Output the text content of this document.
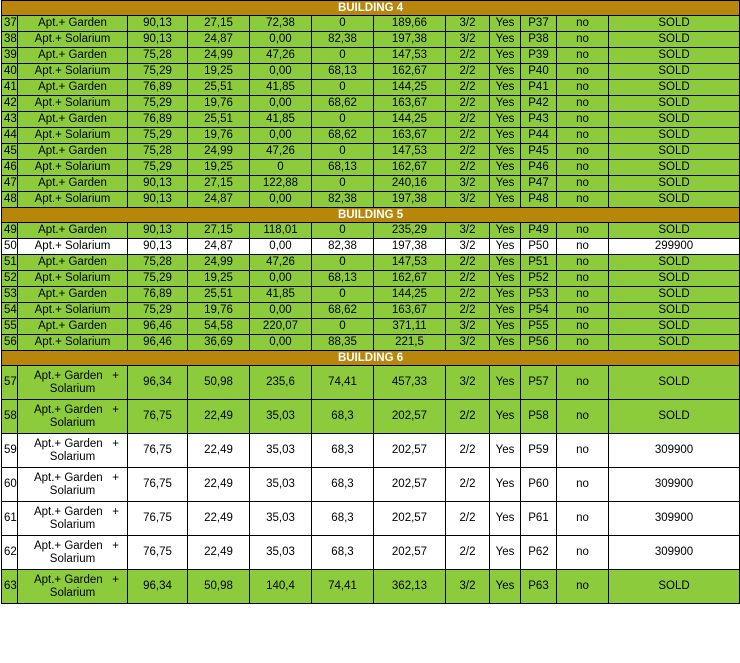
BUILDING 4											
37	Apt.+ Garden	90,13	27,15	72,38	0	189,66	3/2	Yes	P37	no	SOLD
38	Apt.+ Solarium	90,13	24,87	0,00	82,38	197,38	3/2	Yes	P38	no	SOLD
39	Apt.+ Garden	75,28	24,99	47,26	0	147,53	2/2	Yes	P39	no	SOLD
40	Apt.+ Solarium	75,29	19,25	0,00	68,13	162,67	2/2	Yes	P40	no	SOLD
41	Apt.+ Garden	76,89	25,51	41,85	0	144,25	2/2	Yes	P41	no	SOLD
42	Apt.+ Solarium	75,29	19,76	0,00	68,62	163,67	2/2	Yes	P42	no	SOLD
43	Apt.+ Garden	76,89	25,51	41,85	0	144,25	2/2	Yes	P43	no	SOLD
44	Apt.+ Solarium	75,29	19,76	0,00	68,62	163,67	2/2	Yes	P44	no	SOLD
45	Apt.+ Garden	75,28	24,99	47,26	0	147,53	2/2	Yes	P45	no	SOLD
46	Apt.+ Solarium	75,29	19,25	0	68,13	162,67	2/2	Yes	P46	no	SOLD
47	Apt.+ Garden	90,13	27,15	122,88	0	240,16	3/2	Yes	P47	no	SOLD
48	Apt.+ Solarium	90,13	24,87	0,00	82,38	197,38	3/2	Yes	P48	no	SOLD
BUILDING 5											
49	Apt.+ Garden	90,13	27,15	118,01	0	235,29	3/2	Yes	P49	no	SOLD
50	Apt.+ Solarium	90,13	24,87	0,00	82,38	197,38	3/2	Yes	P50	no	299900
51	Apt.+ Garden	75,28	24,99	47,26	0	147,53	2/2	Yes	P51	no	SOLD
52	Apt.+ Solarium	75,29	19,25	0,00	68,13	162,67	2/2	Yes	P52	no	SOLD
53	Apt.+ Garden	76,89	25,51	41,85	0	144,25	2/2	Yes	P53	no	SOLD
54	Apt.+ Solarium	75,29	19,76	0,00	68,62	163,67	2/2	Yes	P54	no	SOLD
55	Apt.+ Garden	96,46	54,58	220,07	0	371,11	3/2	Yes	P55	no	SOLD
56	Apt.+ Solarium	96,46	36,69	0,00	88,35	221,5	3/2	Yes	P56	no	SOLD
BUILDING 6											
57	Apt.+ Garden   +
Solarium	96,34	50,98	235,6	74,41	457,33	3/2	Yes	P57	no	SOLD
58	Apt.+ Garden   +
Solarium	76,75	22,49	35,03	68,3	202,57	2/2	Yes	P58	no	SOLD
59	Apt.+ Garden   +
Solarium	76,75	22,49	35,03	68,3	202,57	2/2	Yes	P59	no	309900
60	Apt.+ Garden   +
Solarium	76,75	22,49	35,03	68,3	202,57	2/2	Yes	P60	no	309900
61	Apt.+ Garden   +
Solarium	76,75	22,49	35,03	68,3	202,57	2/2	Yes	P61	no	309900
62	Apt.+ Garden   +
Solarium	76,75	22,49	35,03	68,3	202,57	2/2	Yes	P62	no	309900
63	Apt.+ Garden   +
Solarium	96,34	50,98	140,4	74,41	362,13	3/2	Yes	P63	no	SOLD
